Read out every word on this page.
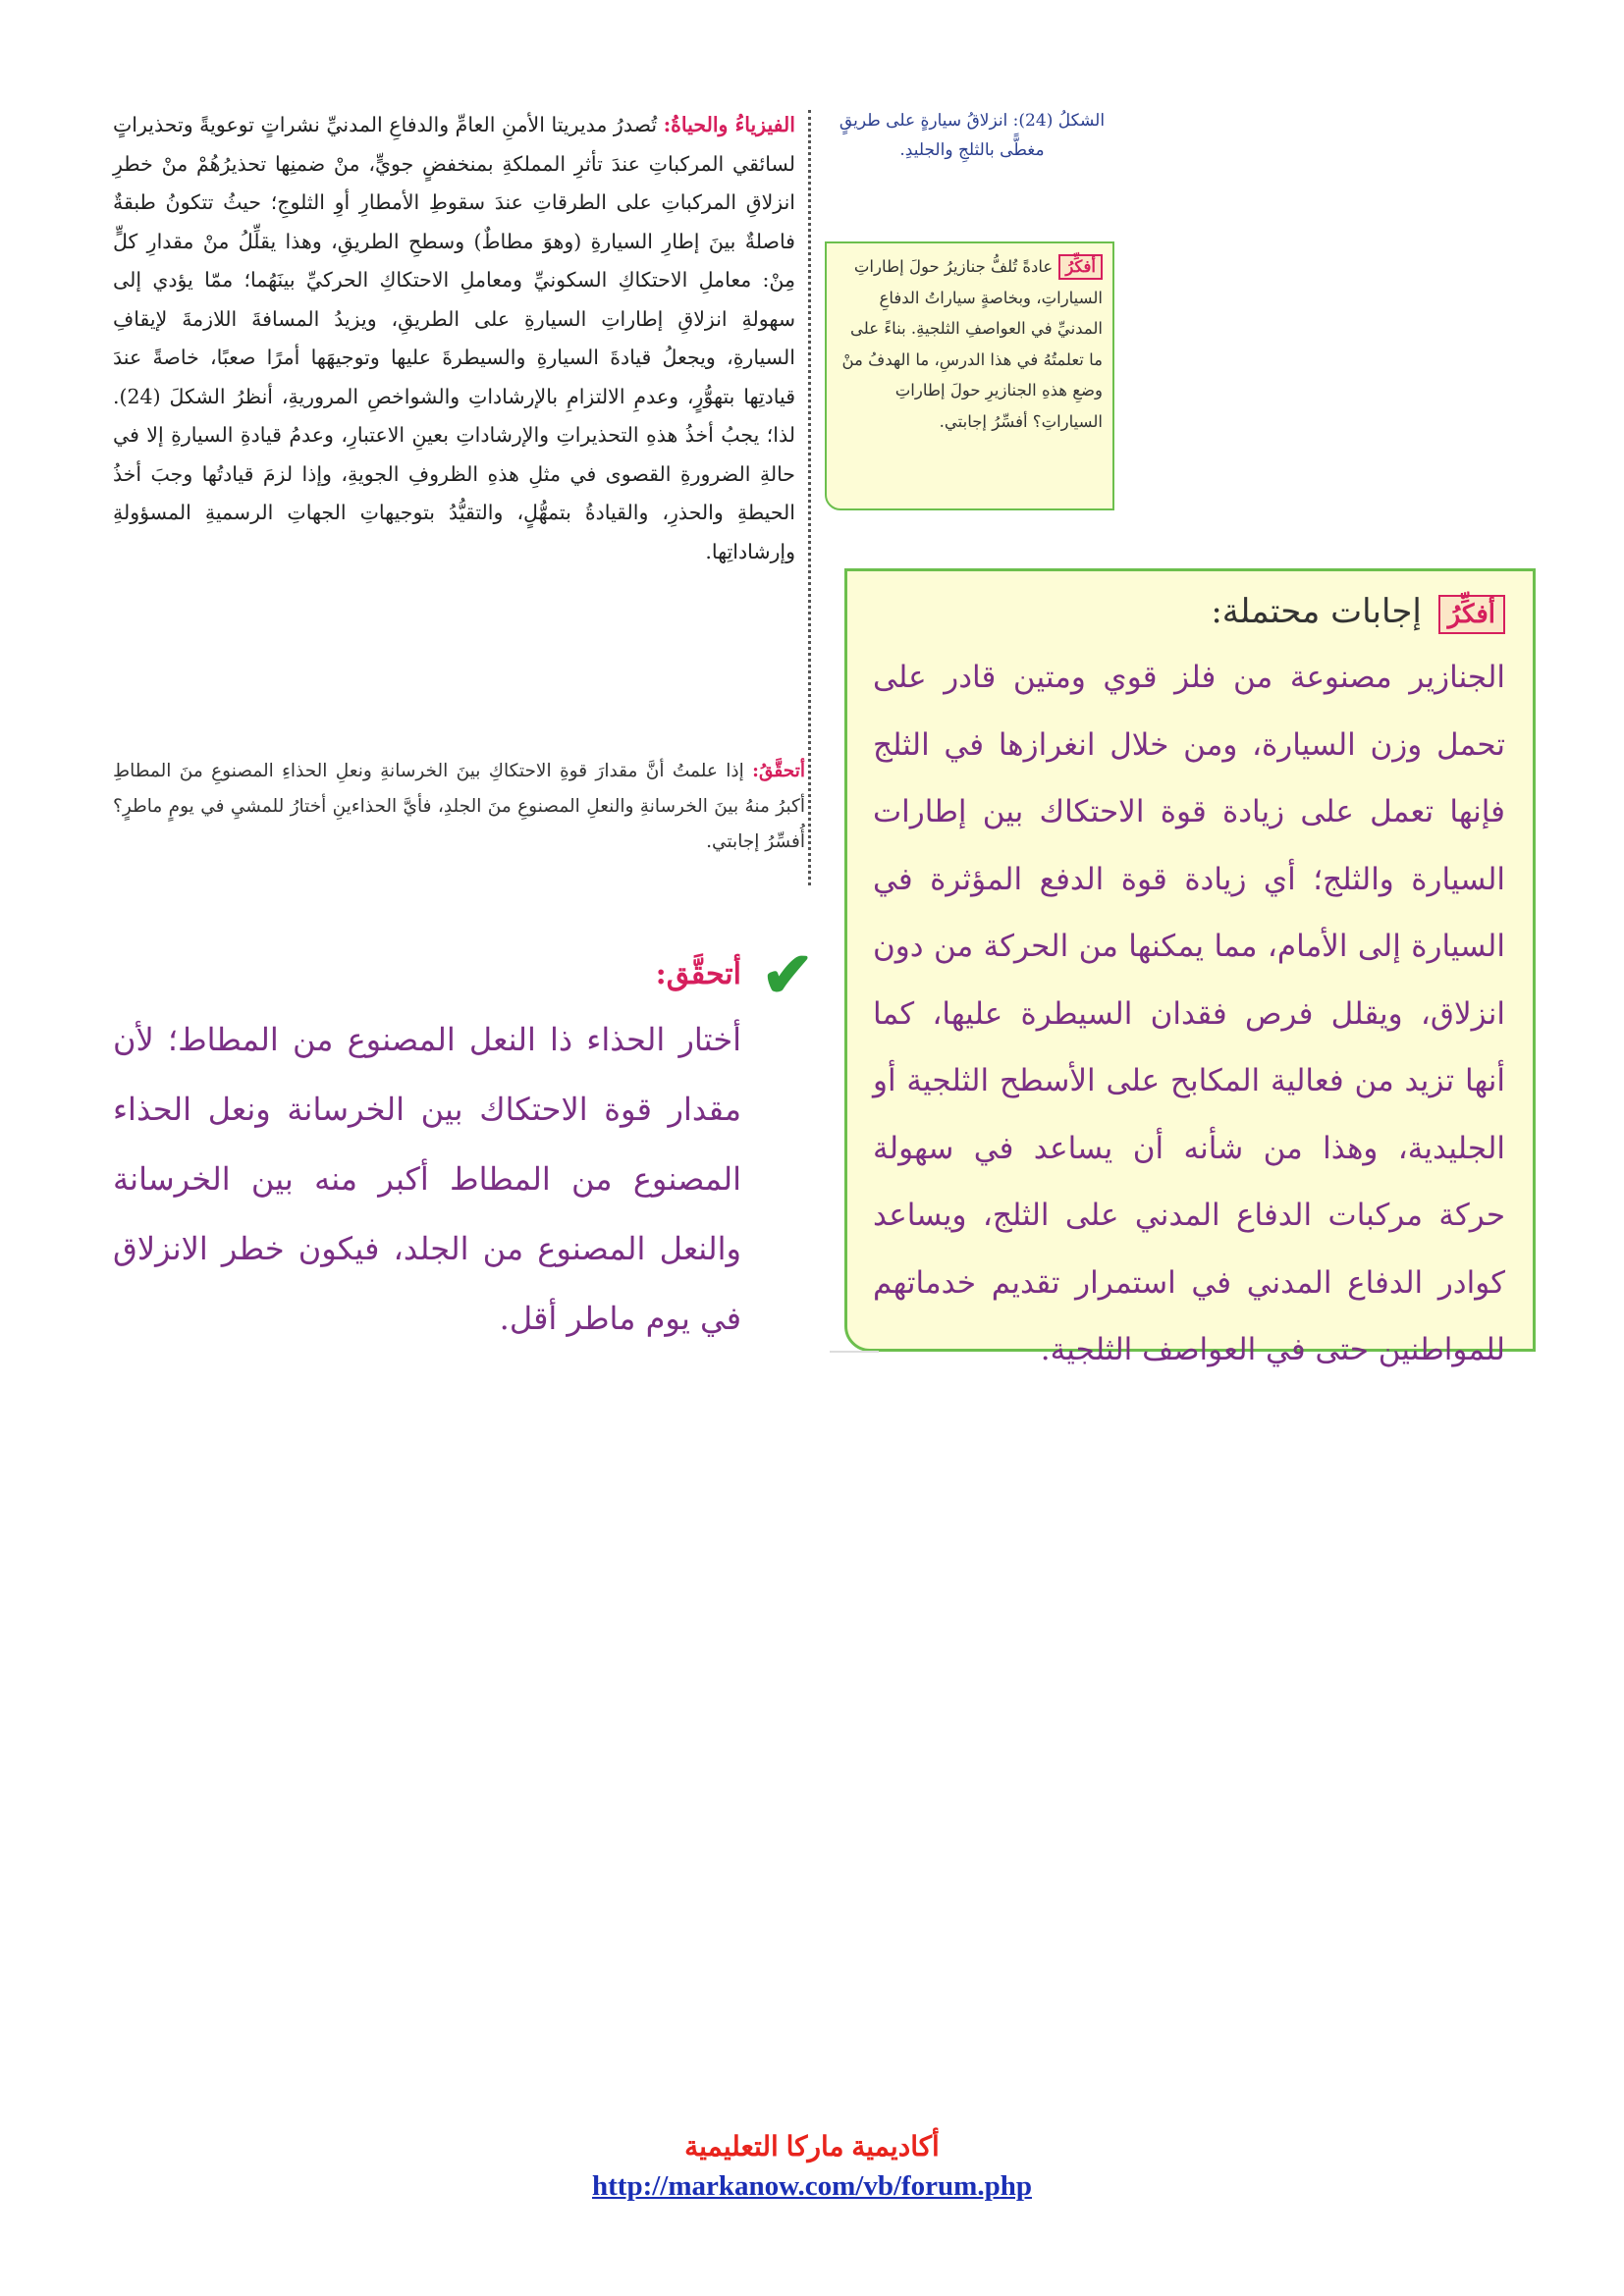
الفيزياءُ والحياةُ: تُصدرُ مديريتا الأمنِ العامِّ والدفاعِ المدنيِّ نشراتٍ توعويةً وتحذيراتٍ لسائقي المركباتِ عندَ تأثرِ المملكةِ بمنخفضٍ جويٍّ، منْ ضمنِها تحذيرُهُمْ منْ خطرِ انزلاقِ المركباتِ على الطرقاتِ عندَ سقوطِ الأمطارِ أوِ الثلوجِ؛ حيثُ تتكونُ طبقةٌ فاصلةٌ بينَ إطارِ السيارةِ (وهوَ مطاطٌ) وسطحِ الطريقِ، وهذا يقلِّلُ منْ مقدارِ كلٍّ مِنْ: معاملِ الاحتكاكِ السكونيِّ ومعاملِ الاحتكاكِ الحركيِّ بينَهُما؛ ممّا يؤدي إلى سهولةِ انزلاقِ إطاراتِ السيارةِ على الطريقِ، ويزيدُ المسافةَ اللازمةَ لإيقافِ السيارةِ، ويجعلُ قيادةَ السيارةِ والسيطرةَ عليها وتوجيهَها أمرًا صعبًا، خاصةً عندَ قيادتِها بتهوُّرٍ، وعدمِ الالتزامِ بالإرشاداتِ والشواخصِ المروريةِ، أنظرُ الشكلَ (24). لذا؛ يجبُ أخذُ هذهِ التحذيراتِ والإرشاداتِ بعينِ الاعتبارِ، وعدمُ قيادةِ السيارةِ إلا في حالةِ الضرورةِ القصوى في مثلِ هذهِ الظروفِ الجويةِ، وإذا لزمَ قيادتُها وجبَ أخذُ الحيطةِ والحذرِ، والقيادةُ بتمهُّلٍ، والتقيُّدُ بتوجيهاتِ الجهاتِ الرسميةِ المسؤولةِ وإرشاداتِها.
الشكلُ (24): انزلاقُ سيارةٍ على طريقٍ مغطًّى بالثلجِ والجليدِ.
أفكِّرُعادةً تُلفُّ جنازيرُ حولَ إطاراتِ السياراتِ، وبخاصةٍ سياراتُ الدفاعِ المدنيِّ في العواصفِ الثلجيةِ. بناءً على ما تعلمتُهُ في هذا الدرسِ، ما الهدفُ منْ وضعِ هذهِ الجنازيرِ حولَ إطاراتِ السياراتِ؟ أفسِّرُ إجابتي.
أتحقَّقُ: إذا علمتُ أنَّ مقدارَ قوةِ الاحتكاكِ بينَ الخرسانةِ ونعلِ الحذاءِ المصنوعِ منَ المطاطِ أكبرُ منهُ بينَ الخرسانةِ والنعلِ المصنوعِ منَ الجلدِ، فأيَّ الحذاءينِ أختارُ للمشيِ في يومٍ ماطرٍ؟ أُفسِّرُ إجابتي.
أفكِّرُ إجابات محتملة:
الجنازير مصنوعة من فلز قوي ومتين قادر على تحمل وزن السيارة، ومن خلال انغرازها في الثلج فإنها تعمل على زيادة قوة الاحتكاك بين إطارات السيارة والثلج؛ أي زيادة قوة الدفع المؤثرة في السيارة إلى الأمام، مما يمكنها من الحركة من دون انزلاق، ويقلل فرص فقدان السيطرة عليها، كما أنها تزيد من فعالية المكابح على الأسطح الثلجية أو الجليدية، وهذا من شأنه أن يساعد في سهولة حركة مركبات الدفاع المدني على الثلج، ويساعد كوادر الدفاع المدني في استمرار تقديم خدماتهم للمواطنين حتى في العواصف الثلجية.
✔
أتحقَّق:
أختار الحذاء ذا النعل المصنوع من المطاط؛ لأن مقدار قوة الاحتكاك بين الخرسانة ونعل الحذاء المصنوع من المطاط أكبر منه بين الخرسانة والنعل المصنوع من الجلد، فيكون خطر الانزلاق في يوم ماطر أقل.
أكاديمية ماركا التعليمية
http://markanow.com/vb/forum.php
